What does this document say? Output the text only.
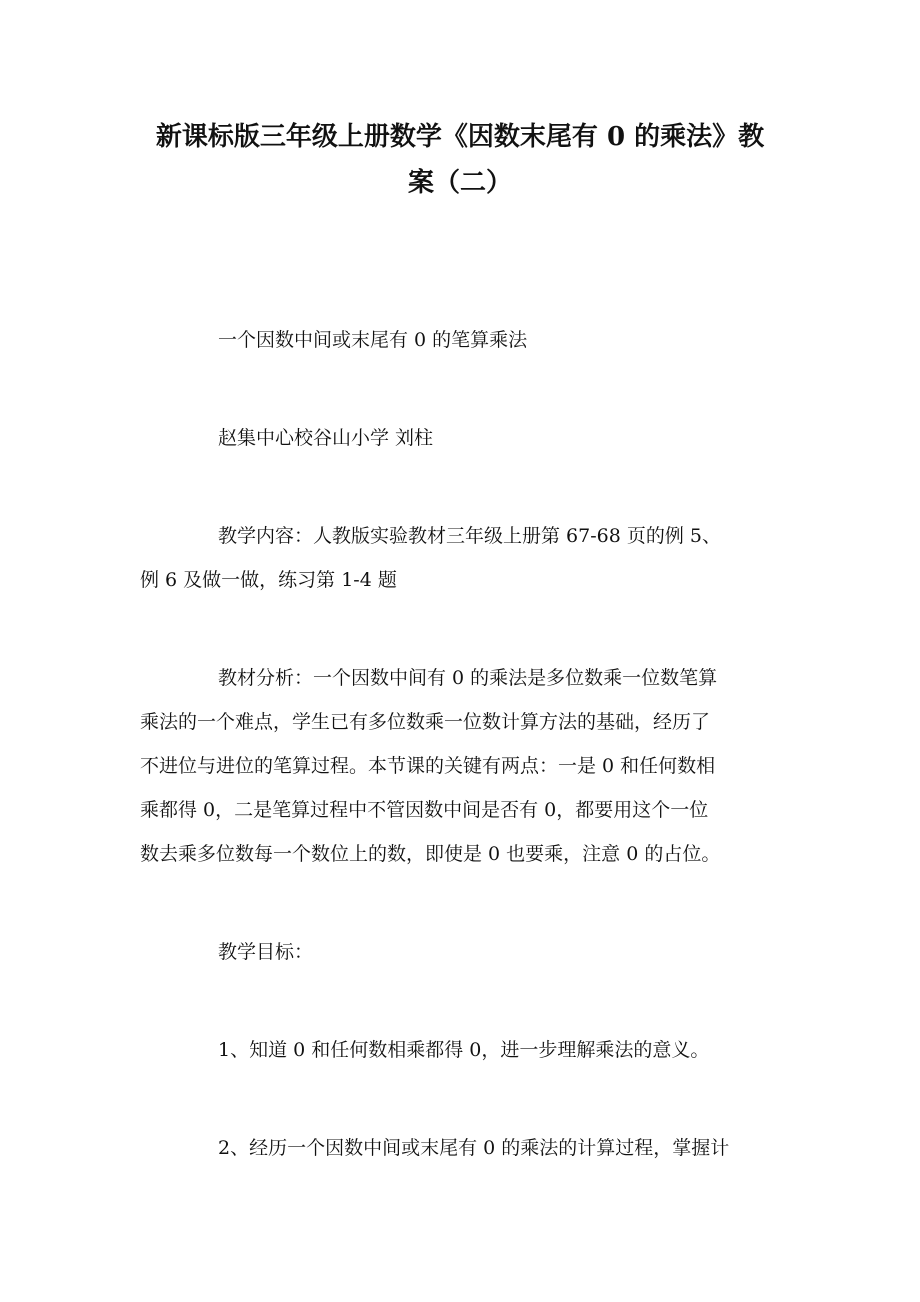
新课标版三年级上册数学《因数末尾有 0 的乘法》教
案（二）
一个因数中间或末尾有 0 的笔算乘法
赵集中心校谷山小学 刘柱
教学内容：人教版实验教材三年级上册第 67-68 页的例 5、
例 6 及做一做，练习第 1-4 题
教材分析：一个因数中间有 0 的乘法是多位数乘一位数笔算
乘法的一个难点，学生已有多位数乘一位数计算方法的基础，经历了
不进位与进位的笔算过程。本节课的关键有两点：一是 0 和任何数相
乘都得 0，二是笔算过程中不管因数中间是否有 0，都要用这个一位
数去乘多位数每一个数位上的数，即使是 0 也要乘，注意 0 的占位。
教学目标：
1、知道 0 和任何数相乘都得 0，进一步理解乘法的意义。
2、经历一个因数中间或末尾有 0 的乘法的计算过程，掌握计
